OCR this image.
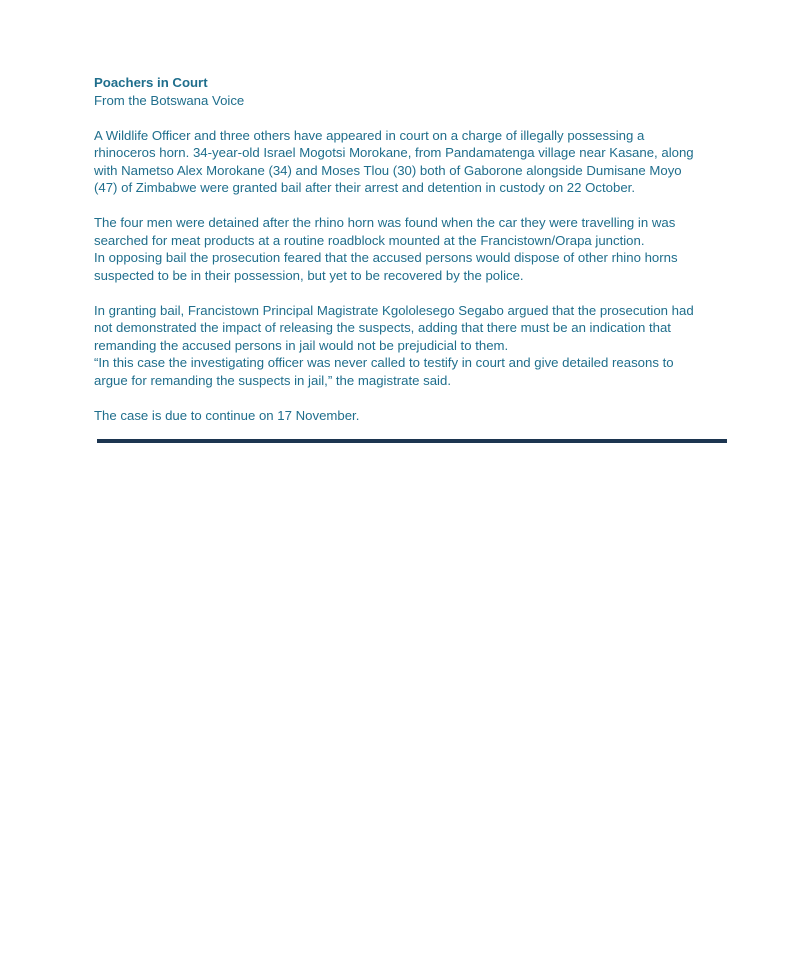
Poachers in Court

From the Botswana Voice

A Wildlife Officer and three others have appeared in court on a charge of illegally possessing a
rhinoceros horn. 34-year-old Israel Mogotsi Morokane, from Pandamatenga village near Kasane, along
with Nametso Alex Morokane (34) and Moses Tlou (30) both of Gaborone alongside Dumisane Moyo
(47) of Zimbabwe were granted bail after their arrest and detention in custody on 22 October.

The four men were detained after the rhino horn was found when the car they were travelling in was
searched for meat products at a routine roadblock mounted at the Francistown/Orapa junction.
In opposing bail the prosecution feared that the accused persons would dispose of other rhino horns
suspected to be in their possession, but yet to be recovered by the police.

In granting bail, Francistown Principal Magistrate Kgololesego Segabo argued that the prosecution had
not demonstrated the impact of releasing the suspects, adding that there must be an indication that
remanding the accused persons in jail would not be prejudicial to them.
“In this case the investigating officer was never called to testify in court and give detailed reasons to
argue for remanding the suspects in jail,” the magistrate said.

The case is due to continue on 17 November.
